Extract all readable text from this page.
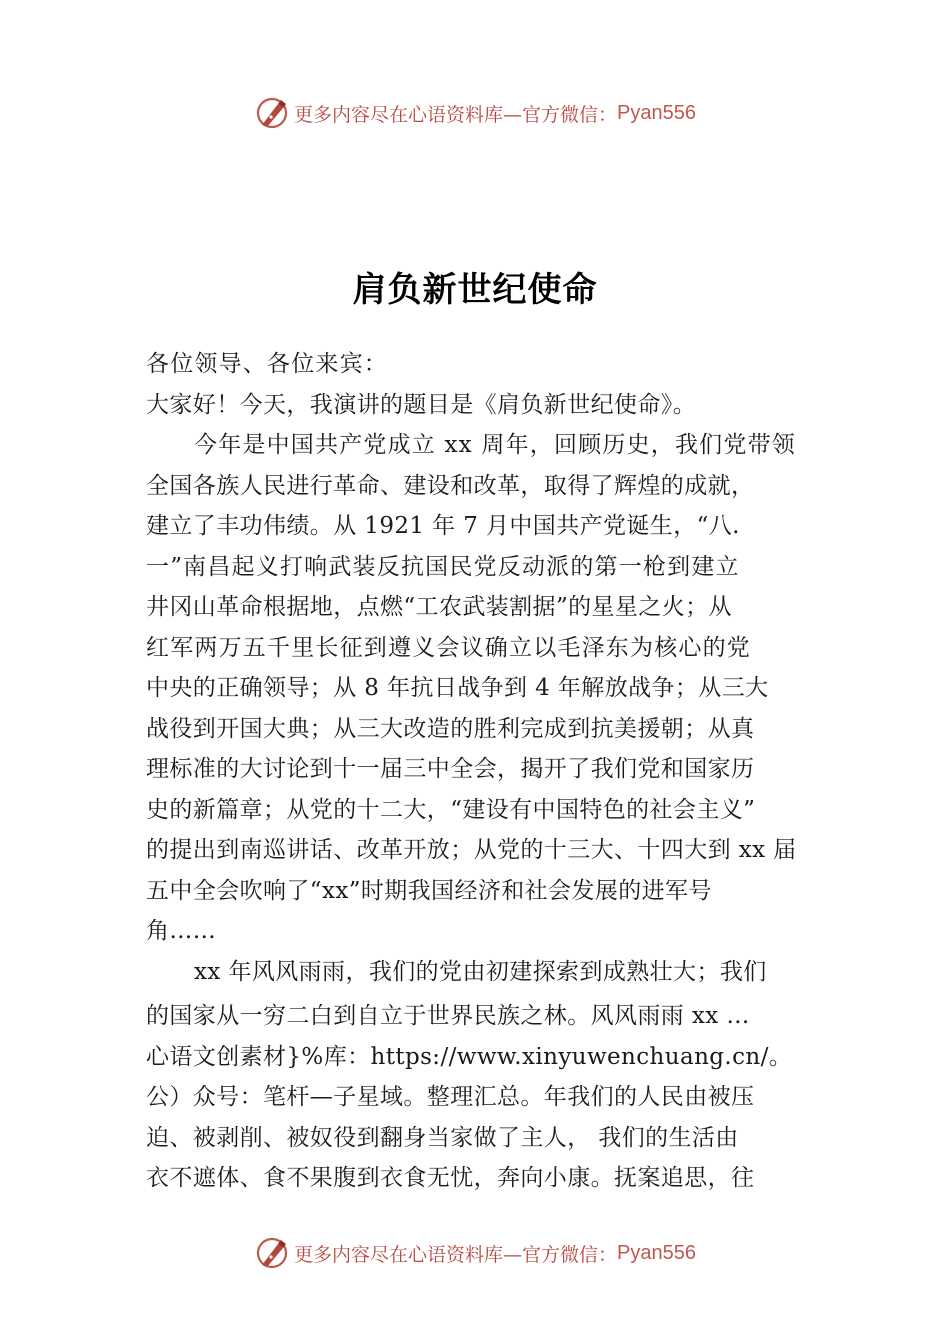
更多内容尽在心语资料库—官方微信： Pyan556
肩负新世纪使命
各位领导、各位来宾：
大家好！今天，我演讲的题目是《肩负新世纪使命》。
今年是中国共产党成立 xx 周年，回顾历史，我们党带领
全国各族人民进行革命、建设和改革，取得了辉煌的成就，
建立了丰功伟绩。从 1921 年 7 月中国共产党诞生，“八.
一”南昌起义打响武装反抗国民党反动派的第一枪到建立
井冈山革命根据地，点燃“工农武装割据”的星星之火；从
红军两万五千里长征到遵义会议确立以毛泽东为核心的党
中央的正确领导；从 8 年抗日战争到 4 年解放战争；从三大
战役到开国大典；从三大改造的胜利完成到抗美援朝；从真
理标准的大讨论到十一届三中全会，揭开了我们党和国家历
史的新篇章；从党的十二大，“建设有中国特色的社会主义”
的提出到南巡讲话、改革开放；从党的十三大、十四大到 xx 届
五中全会吹响了“xx”时期我国经济和社会发展的进军号
角……
xx 年风风雨雨，我们的党由初建探索到成熟壮大；我们
的国家从一穷二白到自立于世界民族之林。风风雨雨 xx …
心语文创素材}%库：https://www.xinyuwenchuang.cn/。
公）众号：笔杆—子星域。整理汇总。年我们的人民由被压
迫、被剥削、被奴役到翻身当家做了主人， 我们的生活由
衣不遮体、食不果腹到衣食无忧，奔向小康。抚案追思，往
更多内容尽在心语资料库—官方微信： Pyan556
